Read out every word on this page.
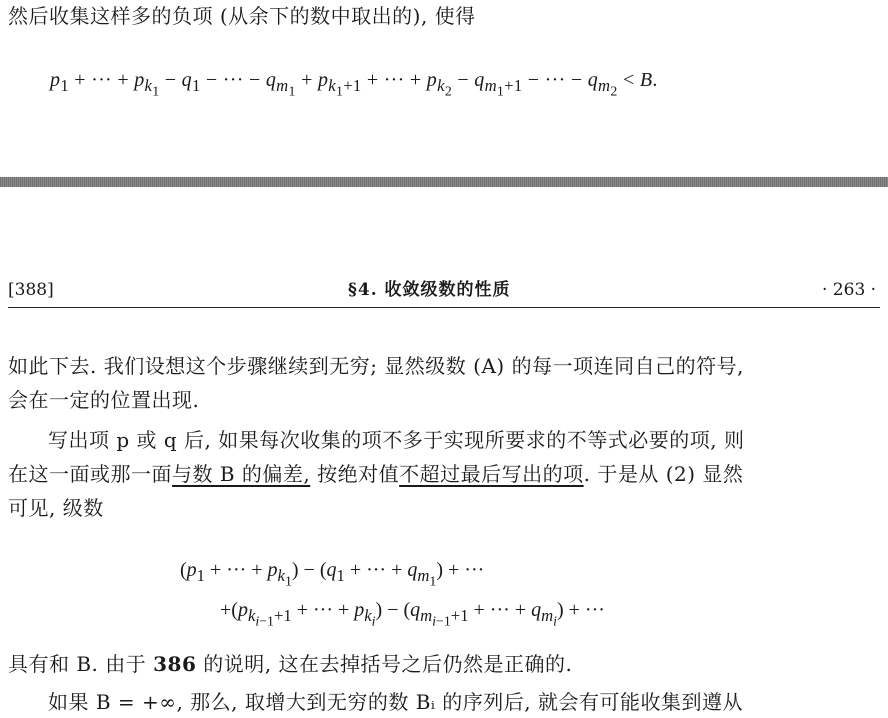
然后收集这样多的负项 (从余下的数中取出的), 使得
$p_1$ + ··· + $p_{k_1} - q_1$ − ··· − $q_{m_1} + p_{k_1+1}$ + ··· + $p_{k_2} - q_{m_1+1}$ − ··· − $q_{m_2} < B$.
[388]	§4. 收敛级数的性质	· 263 ·
如此下去. 我们设想这个步骤继续到无穷; 显然级数 (A) 的每一项连同自己的符号,
会在一定的位置出现.
写出项 p 或 q 后, 如果每次收集的项不多于实现所要求的不等式必要的项, 则
在这一面或那一面与数 B 的偏差, 按绝对值不超过最后写出的项. 于是从 (2) 显然
可见, 级数
($p_1$ + ··· + $p_{k_1}) - (q_1$ + ··· + $q_{m_1}$) + ···
$+(p_{k_{i-1}+1}$ + ··· + $p_{k_i}) - (q_{m_{i-1}+1}$ + ··· + $q_{m_i}$) + ···
具有和 B. 由于 386 的说明, 这在去掉括号之后仍然是正确的.
如果 B = +∞, 那么, 取增大到无穷的数 Bᵢ 的序列后, 就会有可能收集到遵从
